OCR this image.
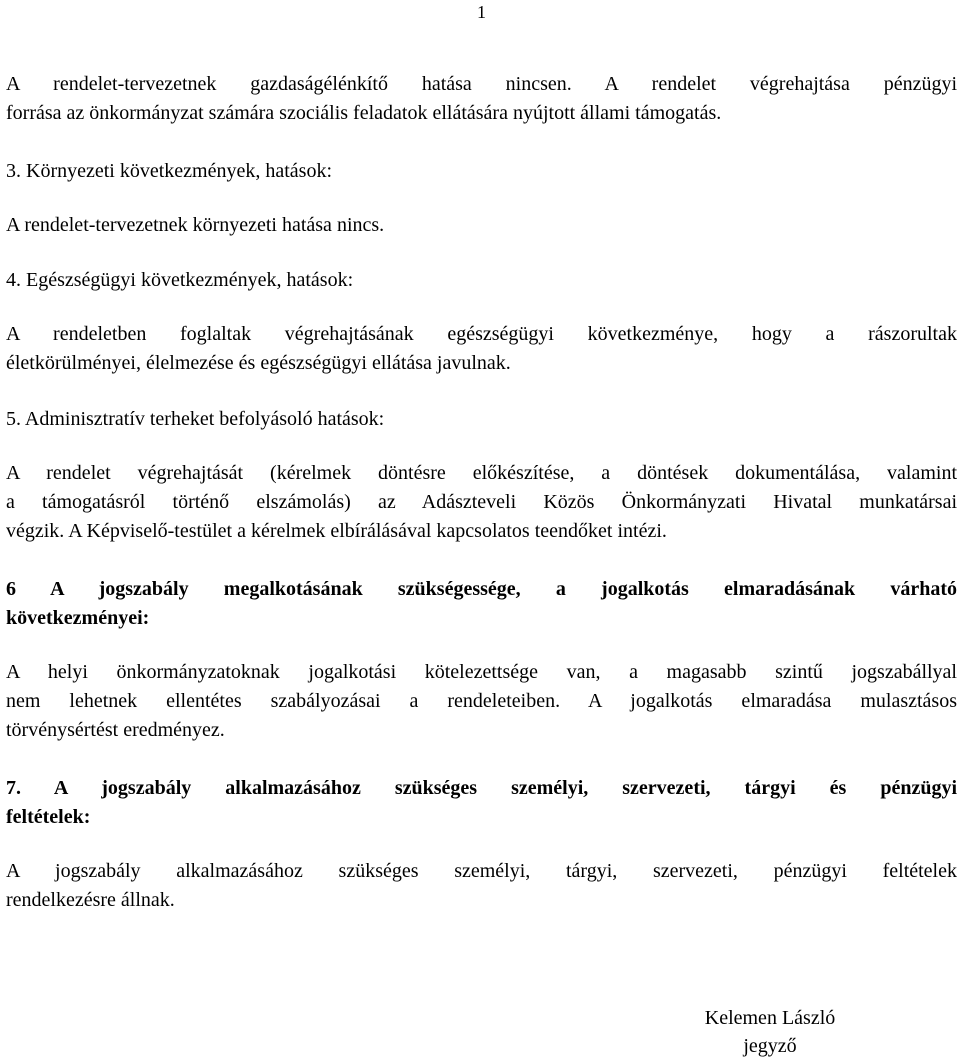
1
A rendelet-tervezetnek gazdaságélénkítő hatása nincsen. A rendelet végrehajtása pénzügyi
forrása az önkormányzat számára szociális feladatok ellátására nyújtott állami támogatás.
3. Környezeti következmények, hatások:
A rendelet-tervezetnek környezeti hatása nincs.
4. Egészségügyi következmények, hatások:
A rendeletben foglaltak végrehajtásának egészségügyi következménye, hogy a rászorultak
életkörülményei, élelmezése és egészségügyi ellátása javulnak.
5. Adminisztratív terheket befolyásoló hatások:
A rendelet végrehajtását (kérelmek döntésre előkészítése, a döntések dokumentálása, valamint
a támogatásról történő elszámolás) az Adászteveli Közös Önkormányzati Hivatal munkatársai
végzik. A Képviselő-testület a kérelmek elbírálásával kapcsolatos teendőket intézi.
6 A jogszabály megalkotásának szükségessége, a jogalkotás elmaradásának várható
következményei:
A helyi önkormányzatoknak jogalkotási kötelezettsége van, a magasabb szintű jogszabállyal
nem lehetnek ellentétes szabályozásai a rendeleteiben. A jogalkotás elmaradása mulasztásos
törvénysértést eredményez.
7. A jogszabály alkalmazásához szükséges személyi, szervezeti, tárgyi és pénzügyi
feltételek:
A jogszabály alkalmazásához szükséges személyi, tárgyi, szervezeti, pénzügyi feltételek
rendelkezésre állnak.
Kelemen László
jegyző
